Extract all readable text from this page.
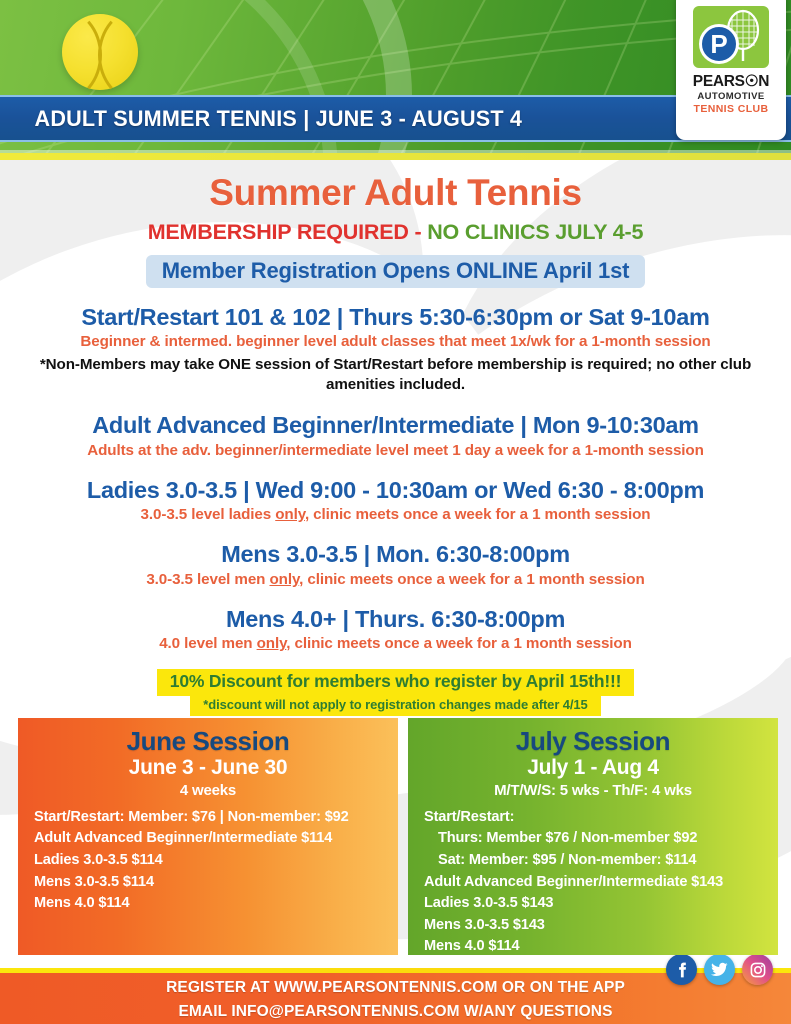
ADULT SUMMER TENNIS | JUNE 3 - AUGUST 4
P
PEARS☉N
AUTOMOTIVE
TENNIS CLUB
Summer Adult Tennis
MEMBERSHIP REQUIRED - NO CLINICS JULY 4-5
Member Registration Opens ONLINE April 1st
Start/Restart 101 & 102 | Thurs 5:30-6:30pm or Sat 9-10am
Beginner & intermed. beginner level adult classes that meet 1x/wk for a 1-month session
*Non-Members may take ONE session of Start/Restart before membership is required; no other club amenities included.
Adult Advanced Beginner/Intermediate | Mon 9-10:30am
Adults at the adv. beginner/intermediate level meet 1 day a week for a 1-month session
Ladies 3.0-3.5 | Wed 9:00 - 10:30am or Wed 6:30 - 8:00pm
3.0-3.5 level ladies only, clinic meets once a week for a 1 month session
Mens 3.0-3.5 | Mon. 6:30-8:00pm
3.0-3.5 level men only, clinic meets once a week for a 1 month session
Mens 4.0+ | Thurs. 6:30-8:00pm
4.0 level men only, clinic meets once a week for a 1 month session
10% Discount for members who register by April 15th!!!
*discount will not apply to registration changes made after 4/15
June Session
June 3 - June 30
4 weeks
Start/Restart: Member: $76 | Non-member: $92
Adult Advanced Beginner/Intermediate $114
Ladies 3.0-3.5 $114
Mens 3.0-3.5 $114
Mens 4.0 $114
July Session
July 1 - Aug 4
M/T/W/S: 5 wks - Th/F: 4 wks
Start/Restart:
Thurs: Member $76 / Non-member $92
Sat: Member: $95 / Non-member: $114
Adult Advanced Beginner/Intermediate $143
Ladies 3.0-3.5 $143
Mens 3.0-3.5 $143
Mens 4.0 $114
REGISTER AT WWW.PEARSONTENNIS.COM OR ON THE APP
EMAIL INFO@PEARSONTENNIS.COM W/ANY QUESTIONS
